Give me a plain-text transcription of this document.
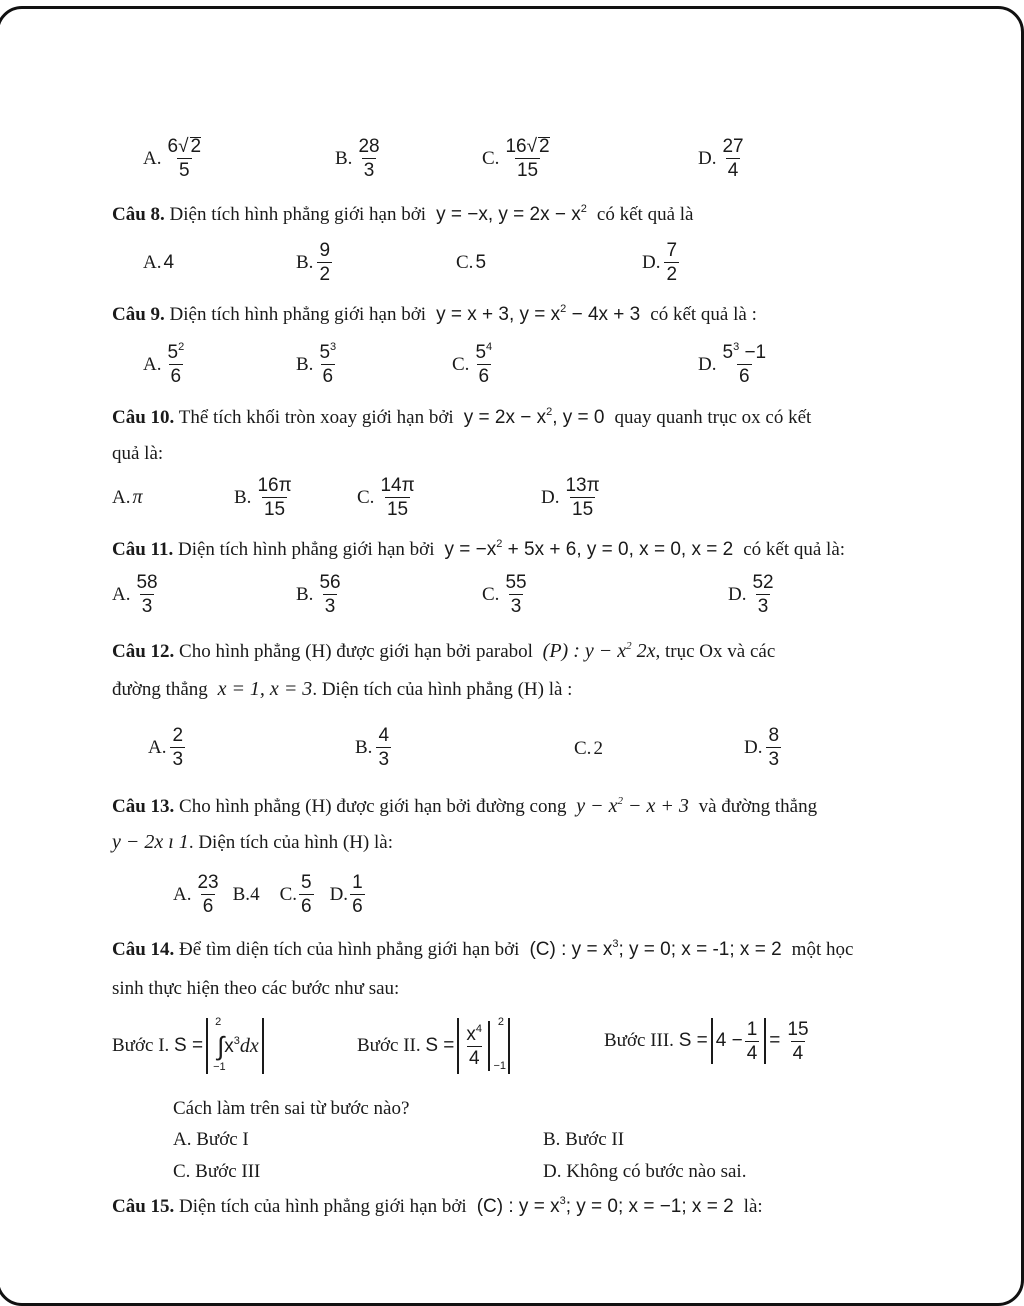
A. $\frac{6√ 2}{5}$	B. $\frac{28}{3}$	C. $\frac{16√ 2}{15}$	D. $\frac{27}{4}$
Câu 8. Diện tích hình phẳng giới hạn bởi y = −x, $y = 2x - x^2$ có kết quả là
A. 4	B. $\frac{9}{2}$	C. 5	D. $\frac{7}{2}$
Câu 9. Diện tích hình phẳng giới hạn bởi y = x + 3, $y = x^2 - 4x + 3$ có kết quả là :
A. $\frac{5^2}{6}$	B. $\frac{5^3}{6}$	C. $\frac{5^4}{6}$	D. $\frac{5^3 -1}{6}$
Câu 10. Thể tích khối tròn xoay giới hạn bởi $y = 2x - x^2$, y = 0 quay quanh trục ox có kết
quả là:
A. π	B. $\frac{16\pi}{15}$	C. $\frac{14\pi}{15}$	D. $\frac{13\pi}{15}$
Câu 11. Diện tích hình phẳng giới hạn bởi $y = -x^2 + 5x + 6$, y = 0, x = 0, x = 2 có kết quả là:
A. $\frac{58}{3}$	B. $\frac{56}{3}$	C. $\frac{55}{3}$	D. $\frac{52}{3}$
Câu 12. Cho hình phẳng (H) được giới hạn bởi parabol (P) : $y - x^2$ 2x, trục Ox và các
đường thẳng x = 1, x = 3. Diện tích của hình phẳng (H) là :
A. $\frac{2}{3}$	B. $\frac{4}{3}$	C. 2	D. $\frac{8}{3}$
Câu 13. Cho hình phẳng (H) được giới hạn bởi đường cong $y - x^2 - x + 3$ và đường thẳng
y − 2x ı 1. Diện tích của hình (H) là:
A. $\frac{23}{6} B$. 4 C. $\frac{5}{6} D$. $\frac{1}{6}$
Câu 14. Để tìm diện tích của hình phẳng giới hạn bởi (C) : $y = x^3$; y = 0; x = -1; x = 2 một học
sinh thực hiện theo các bước như sau:
Bước I.
S =
2
∫
−1
$x^3dx$	Bước II.
$S = \frac{x^4}{4}$
2
−1
Bước III.
$S = 4 - \frac{1}{4} = \frac{15}{4}$
Cách làm trên sai từ bước nào?
A. Bước I	B. Bước II
C. Bước III	D. Không có bước nào sai.
Câu 15. Diện tích của hình phẳng giới hạn bởi (C) : $y = x^3$; y = 0; x = −1; x = 2 là:
